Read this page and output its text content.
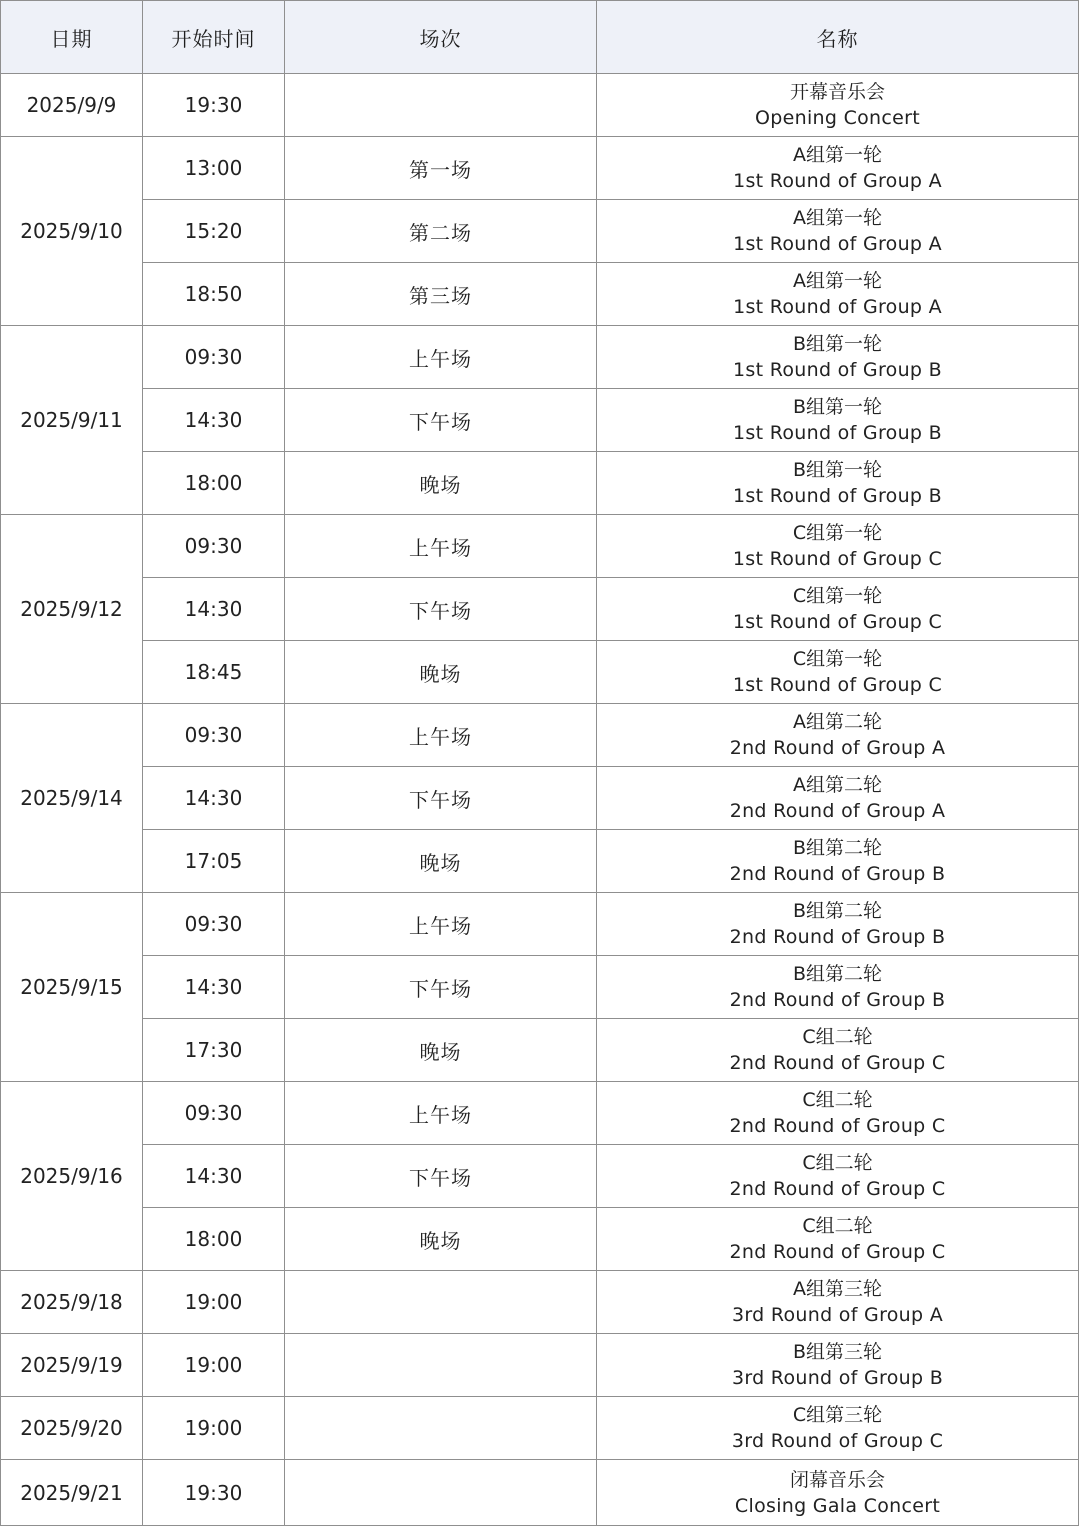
日期	开始时间	场次	名称
2025/9/9	19:30		开幕音乐会
Opening Concert

2025/9/10	13:00	第一场	A组第一轮
1st Round of Group A

	15:20	第二场	A组第一轮
1st Round of Group A

	18:50	第三场	A组第一轮
1st Round of Group A

2025/9/11	09:30	上午场	B组第一轮
1st Round of Group B

	14:30	下午场	B组第一轮
1st Round of Group B

	18:00	晚场	B组第一轮
1st Round of Group B

2025/9/12	09:30	上午场	C组第一轮
1st Round of Group C

	14:30	下午场	C组第一轮
1st Round of Group C

	18:45	晚场	C组第一轮
1st Round of Group C

2025/9/14	09:30	上午场	A组第二轮
2nd Round of Group A

	14:30	下午场	A组第二轮
2nd Round of Group A

	17:05	晚场	B组第二轮
2nd Round of Group B

2025/9/15	09:30	上午场	B组第二轮
2nd Round of Group B

	14:30	下午场	B组第二轮
2nd Round of Group B

	17:30	晚场	C组二轮
2nd Round of Group C

2025/9/16	09:30	上午场	C组二轮
2nd Round of Group C

	14:30	下午场	C组二轮
2nd Round of Group C

	18:00	晚场	C组二轮
2nd Round of Group C

2025/9/18	19:00		A组第三轮
3rd Round of Group A

2025/9/19	19:00		B组第三轮
3rd Round of Group B

2025/9/20	19:00		C组第三轮
3rd Round of Group C

2025/9/21	19:30		闭幕音乐会
Closing Gala Concert
